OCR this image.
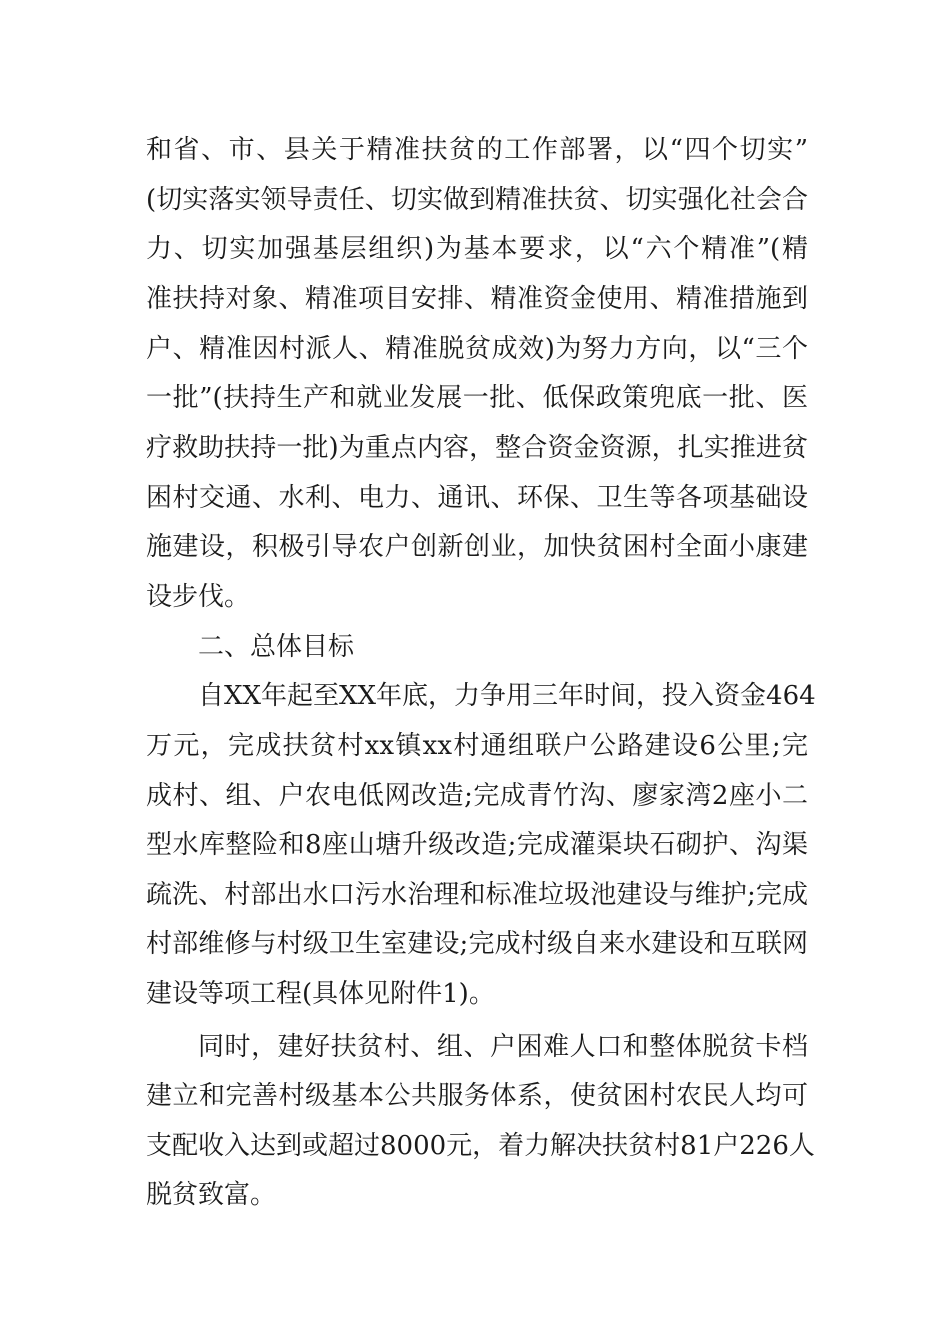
和省、市、县关于精准扶贫的工作部署，以“四个切实”
(切实落实领导责任、切实做到精准扶贫、切实强化社会合
力、切实加强基层组织)为基本要求，以“六个精准”(精
准扶持对象、精准项目安排、精准资金使用、精准措施到
户、精准因村派人、精准脱贫成效)为努力方向，以“三个
一批”(扶持生产和就业发展一批、低保政策兜底一批、医
疗救助扶持一批)为重点内容，整合资金资源，扎实推进贫
困村交通、水利、电力、通讯、环保、卫生等各项基础设
施建设，积极引导农户创新创业，加快贫困村全面小康建
设步伐。
二、总体目标
自XX年起至XX年底，力争用三年时间，投入资金464
万元，完成扶贫村xx镇xx村通组联户公路建设6公里;完
成村、组、户农电低网改造;完成青竹沟、廖家湾2座小二
型水库整险和8座山塘升级改造;完成灌渠块石砌护、沟渠
疏洗、村部出水口污水治理和标准垃圾池建设与维护;完成
村部维修与村级卫生室建设;完成村级自来水建设和互联网
建设等项工程(具体见附件1)。
同时，建好扶贫村、组、户困难人口和整体脱贫卡档
建立和完善村级基本公共服务体系，使贫困村农民人均可
支配收入达到或超过8000元，着力解决扶贫村81户226人
脱贫致富。
